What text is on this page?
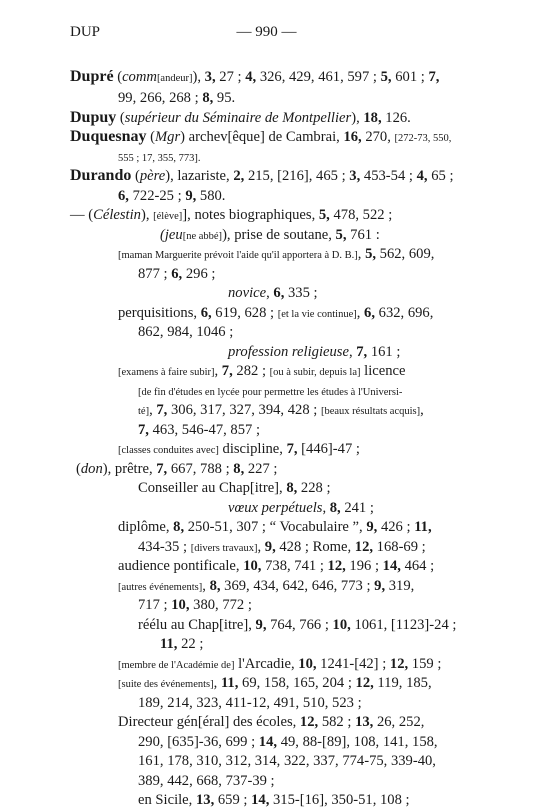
DUP	— 990 —
Dupré (comm[andeur]), 3, 27 ; 4, 326, 429, 461, 597 ; 5, 601 ; 7,
99, 266, 268 ; 8, 95.
Dupuy (supérieur du Séminaire de Montpellier), 18, 126.
Duquesnay (Mgr) archev[êque] de Cambrai, 16, 270, [272-73, 550,
555 ; 17, 355, 773].
Durando (père), lazariste, 2, 215, [216], 465 ; 3, 453-54 ; 4, 65 ;
6, 722-25 ; 9, 580.
— (Célestin), [élève]], notes biographiques, 5, 478, 522 ;
(jeu[ne abbé]), prise de soutane, 5, 761 :
[maman Marguerite prévoit l'aide qu'il apportera à D. B.], 5, 562, 609,
877 ; 6, 296 ;
novice, 6, 335 ;
perquisitions, 6, 619, 628 ; [et la vie continue], 6, 632, 696,
862, 984, 1046 ;
profession religieuse, 7, 161 ;
[examens à faire subir], 7, 282 ; [ou à subir, depuis la] licence
[de fin d'études en lycée pour permettre les études à l'Universi-
té], 7, 306, 317, 327, 394, 428 ; [beaux résultats acquis],
7, 463, 546-47, 857 ;
[classes conduites avec] discipline, 7, [446]-47 ;
(don), prêtre, 7, 667, 788 ; 8, 227 ;
Conseiller au Chap[itre], 8, 228 ;
vœux perpétuels, 8, 241 ;
diplôme, 8, 250-51, 307 ; “ Vocabulaire ”, 9, 426 ; 11,
434-35 ; [divers travaux], 9, 428 ; Rome, 12, 168-69 ;
audience pontificale, 10, 738, 741 ; 12, 196 ; 14, 464 ;
[autres événements], 8, 369, 434, 642, 646, 773 ; 9, 319,
717 ; 10, 380, 772 ;
réélu au Chap[itre], 9, 764, 766 ; 10, 1061, [1123]-24 ;
11, 22 ;
[membre de l'Académie de] l'Arcadie, 10, 1241-[42] ; 12, 159 ;
[suite des événements], 11, 69, 158, 165, 204 ; 12, 119, 185,
189, 214, 323, 411-12, 491, 510, 523 ;
Directeur gén[éral] des écoles, 12, 582 ; 13, 26, 252,
290, [635]-36, 699 ; 14, 49, 88-[89], 108, 141, 158,
161, 178, 310, 312, 314, 322, 337, 774-75, 339-40,
389, 442, 668, 737-39 ;
en Sicile, 13, 659 ; 14, 315-[16], 350-51, 108 ;
